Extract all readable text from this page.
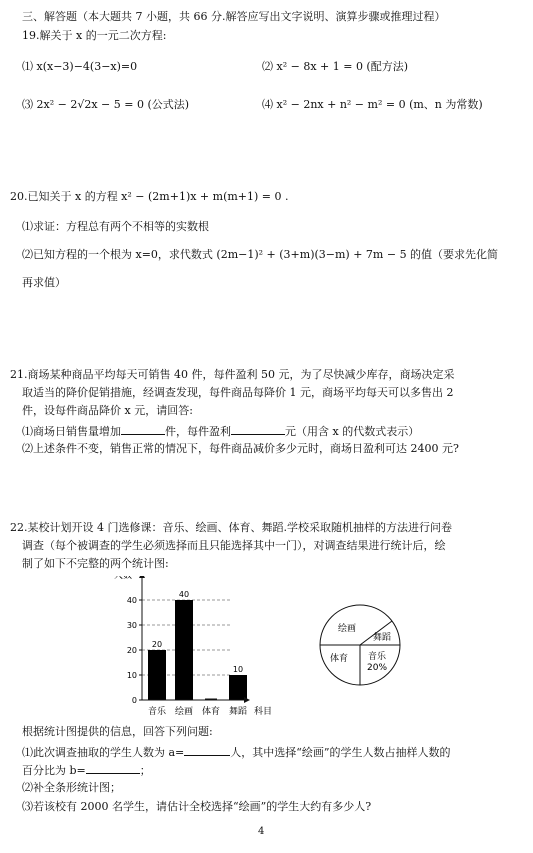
三、解答题（本大题共 7 小题，共 66 分.解答应写出文字说明、演算步骤或推理过程）
19.解关于 x 的一元二次方程:
⑴ x(x−3)−4(3−x)=0	⑵ x² − 8x + 1 = 0 (配方法)
⑶ 2x² − 2√2x − 5 = 0 (公式法)	⑷ x² − 2nx + n² − m² = 0 (m、n 为常数)
20.已知关于 x 的方程 x² − (2m+1)x + m(m+1) = 0 .
⑴求证：方程总有两个不相等的实数根
⑵已知方程的一个根为 x=0，求代数式 (2m−1)² + (3+m)(3−m) + 7m − 5 的值（要求先化简
再求值）
21.商场某种商品平均每天可销售 40 件，每件盈利 50 元，为了尽快减少库存，商场决定采
取适当的降价促销措施，经调查发现，每件商品每降价 1 元，商场平均每天可以多售出 2
件，设每件商品降价 x 元，请回答:
⑴商场日销售量增加	件，每件盈利	元（用含 x 的代数式表示）
⑵上述条件不变，销售正常的情况下，每件商品减价多少元时，商场日盈利可达 2400 元?
22.某校计划开设 4 门选修课：音乐、绘画、体育、舞蹈.学校采取随机抽样的方法进行问卷
调查（每个被调查的学生必须选择而且只能选择其中一门），对调查结果进行统计后，绘
制了如下不完整的两个统计图:
0
10
20
30
40
人数
科目
20
音乐
40
绘画 体育
10
舞蹈
绘画
舞蹈
体育 音乐
20%
根据统计图提供的信息，回答下列问题:
⑴此次调查抽取的学生人数为 a=	人，其中选择“绘画”的学生人数占抽样人数的
百分比为 b=	；
⑵补全条形统计图；
⑶若该校有 2000 名学生，请估计全校选择“绘画”的学生大约有多少人?
4
